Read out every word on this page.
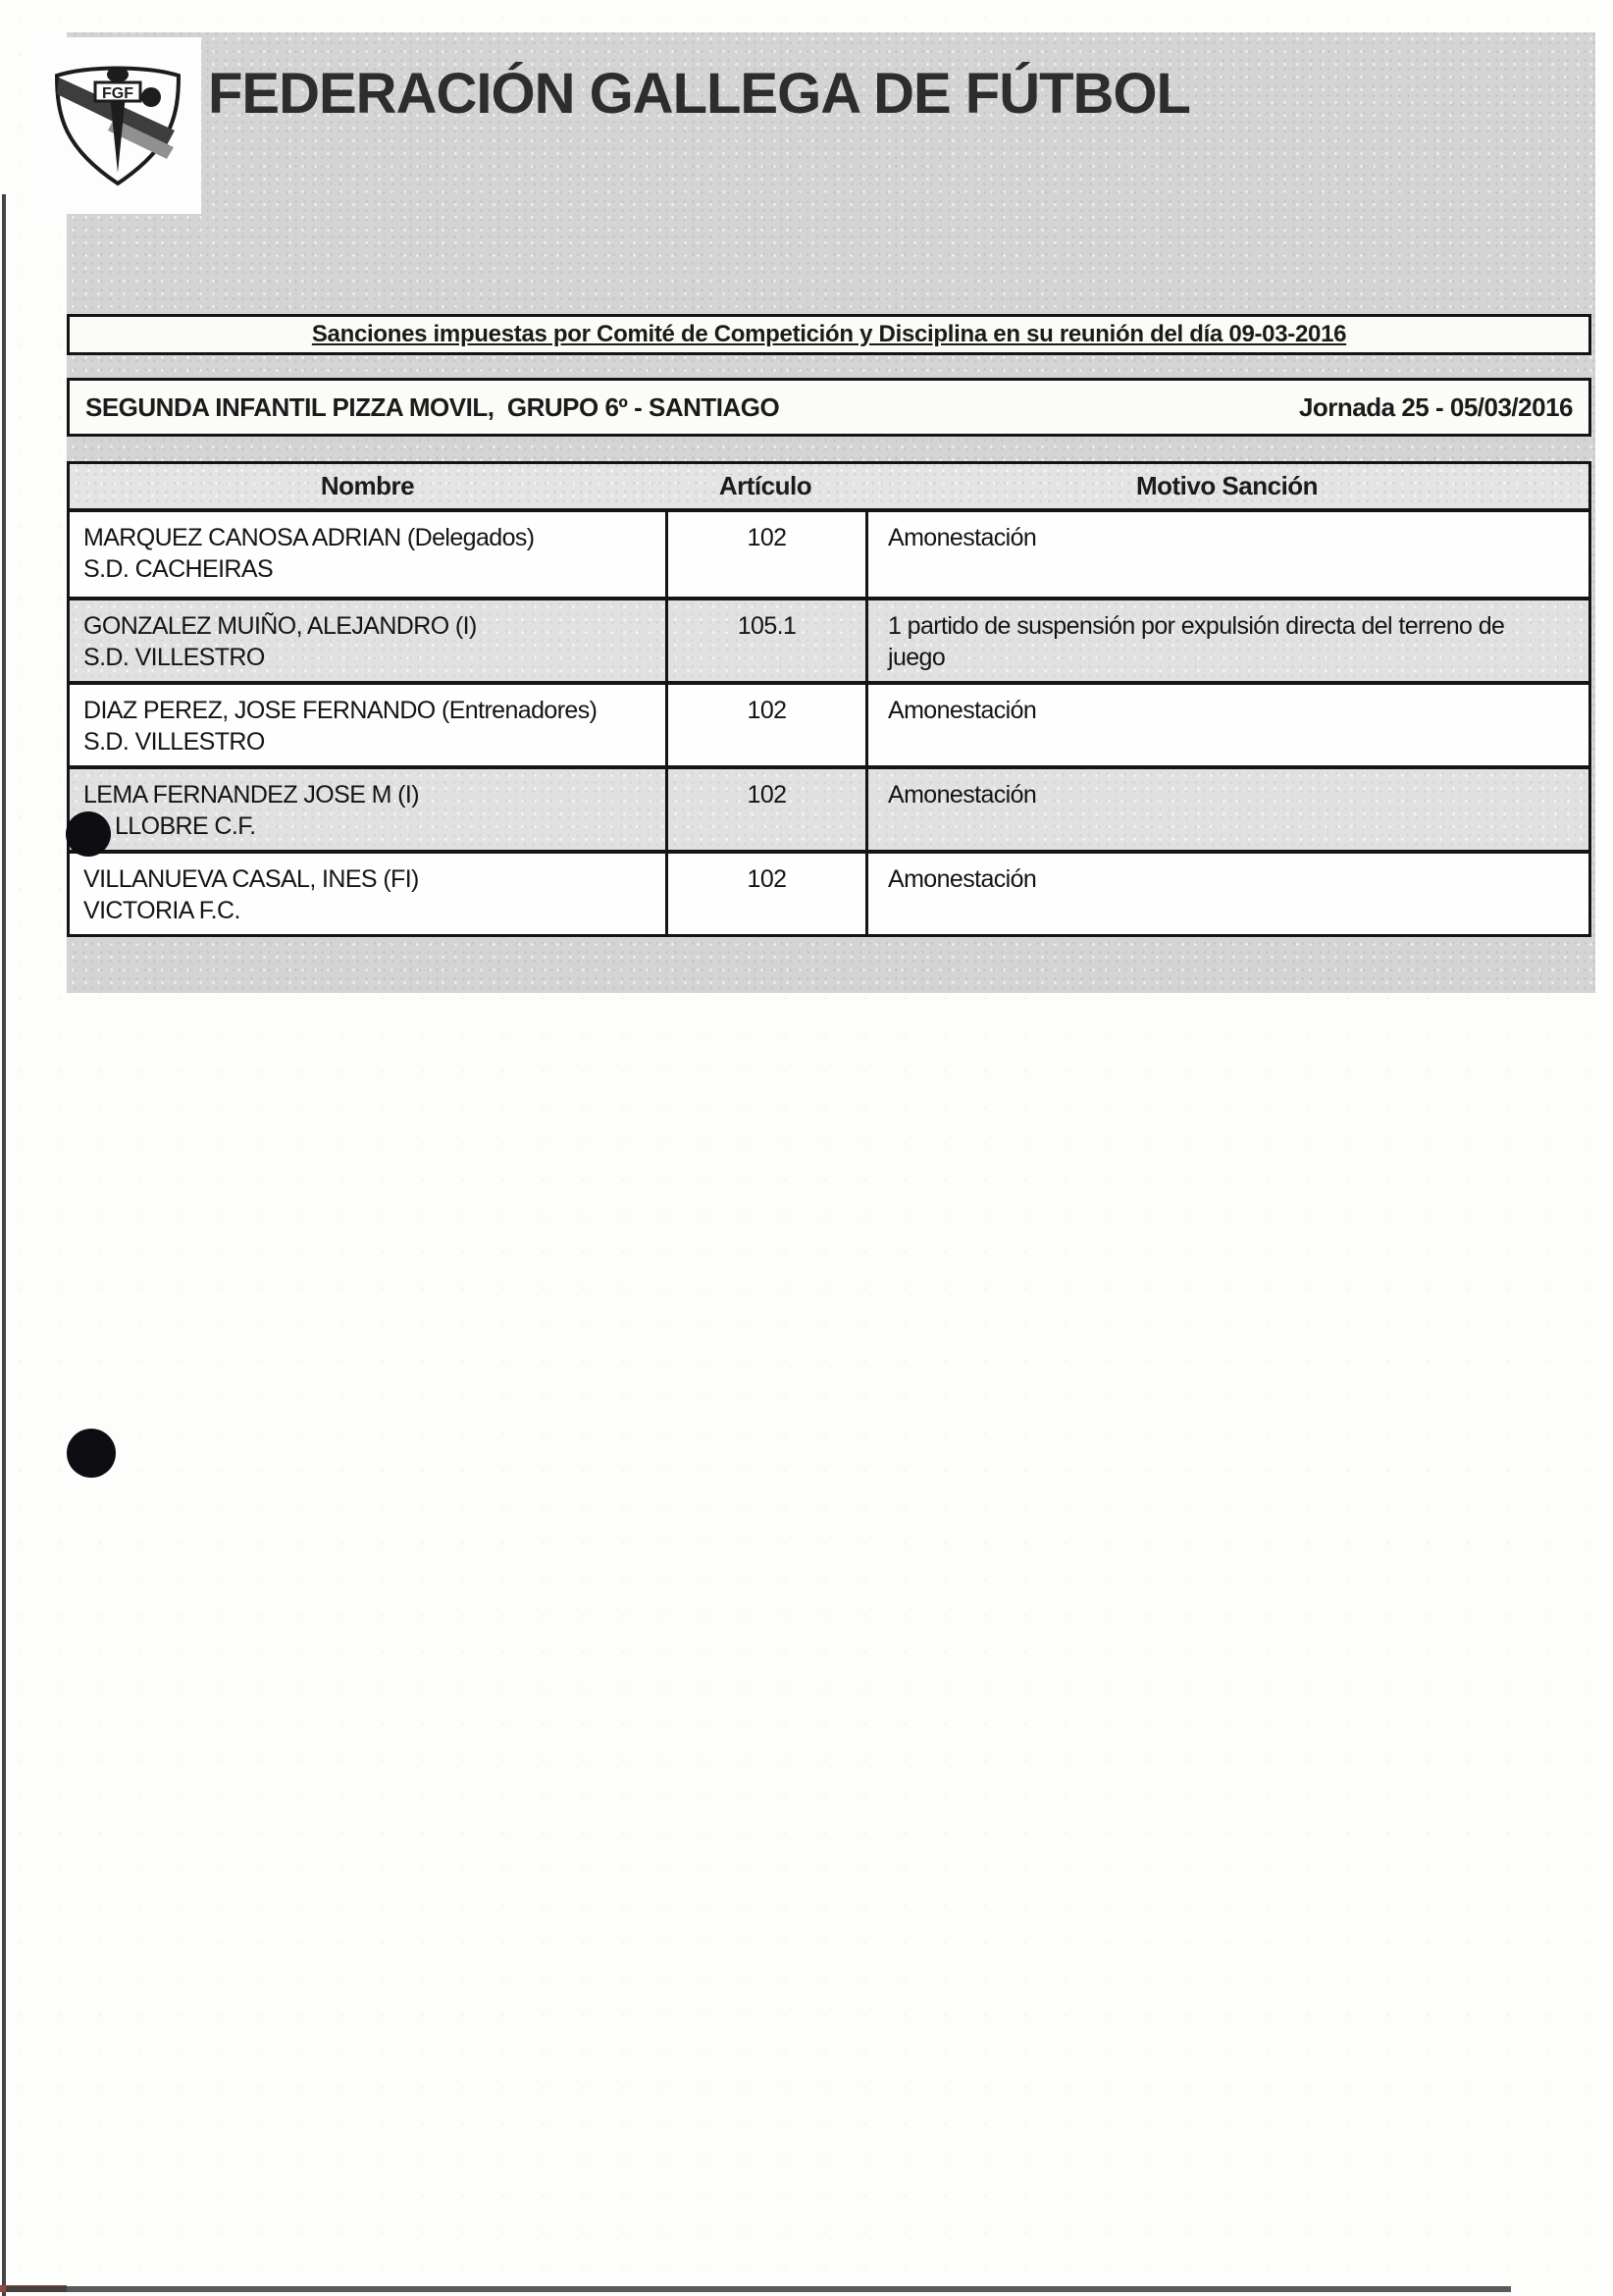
FGF FEDERACIÓN GALLEGA DE FÚTBOL
Sanciones impuestas por Comité de Competición y Disciplina en su reunión del día 09-03-2016
SEGUNDA INFANTIL PIZZA MOVIL,  GRUPO 6º - SANTIAGO	Jornada 25 - 05/03/2016
Nombre	Artículo	Motivo Sanción
MARQUEZ CANOSA ADRIAN (Delegados)
S.D. CACHEIRAS
102	Amonestación
GONZALEZ MUIÑO, ALEJANDRO (I)
S.D. VILLESTRO
105.1	1 partido de suspensión por expulsión directa del terreno de
juego
DIAZ PEREZ, JOSE FERNANDO (Entrenadores)
S.D. VILLESTRO
102	Amonestación
LEMA FERNANDEZ JOSE M (I)
LLOBRE C.F.
102	Amonestación
VILLANUEVA CASAL, INES (FI)
VICTORIA F.C.
102	Amonestación
